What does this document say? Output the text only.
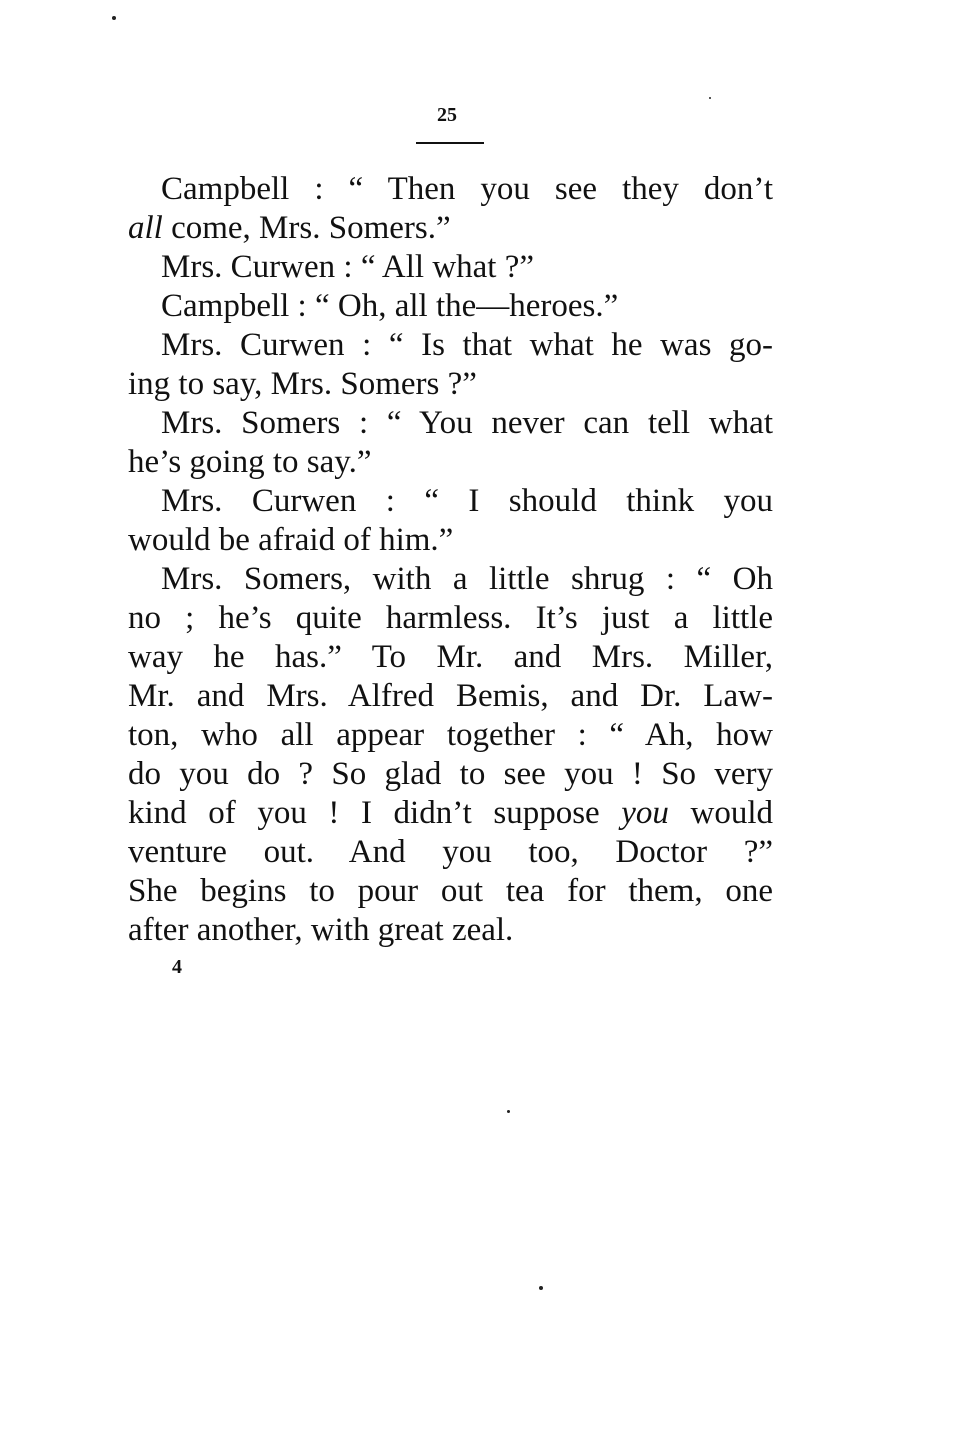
25
Campbell : “ Then you see they don’t
all come, Mrs. Somers.”
Mrs. Curwen : “ All what ?”
Campbell : “ Oh, all the—heroes.”
Mrs. Curwen : “ Is that what he was go-
ing to say, Mrs. Somers ?”
Mrs. Somers : “ You never can tell what
he’s going to say.”
Mrs. Curwen : “ I should think you
would be afraid of him.”
Mrs. Somers, with a little shrug : “ Oh
no ; he’s quite harmless. It’s just a little
way he has.” To Mr. and Mrs. Miller,
Mr. and Mrs. Alfred Bemis, and Dr. Law-
ton, who all appear together : “ Ah, how
do you do ? So glad to see you ! So very
kind of you ! I didn’t suppose you would
venture out. And you too, Doctor ?”
She begins to pour out tea for them, one
after another, with great zeal.
4
